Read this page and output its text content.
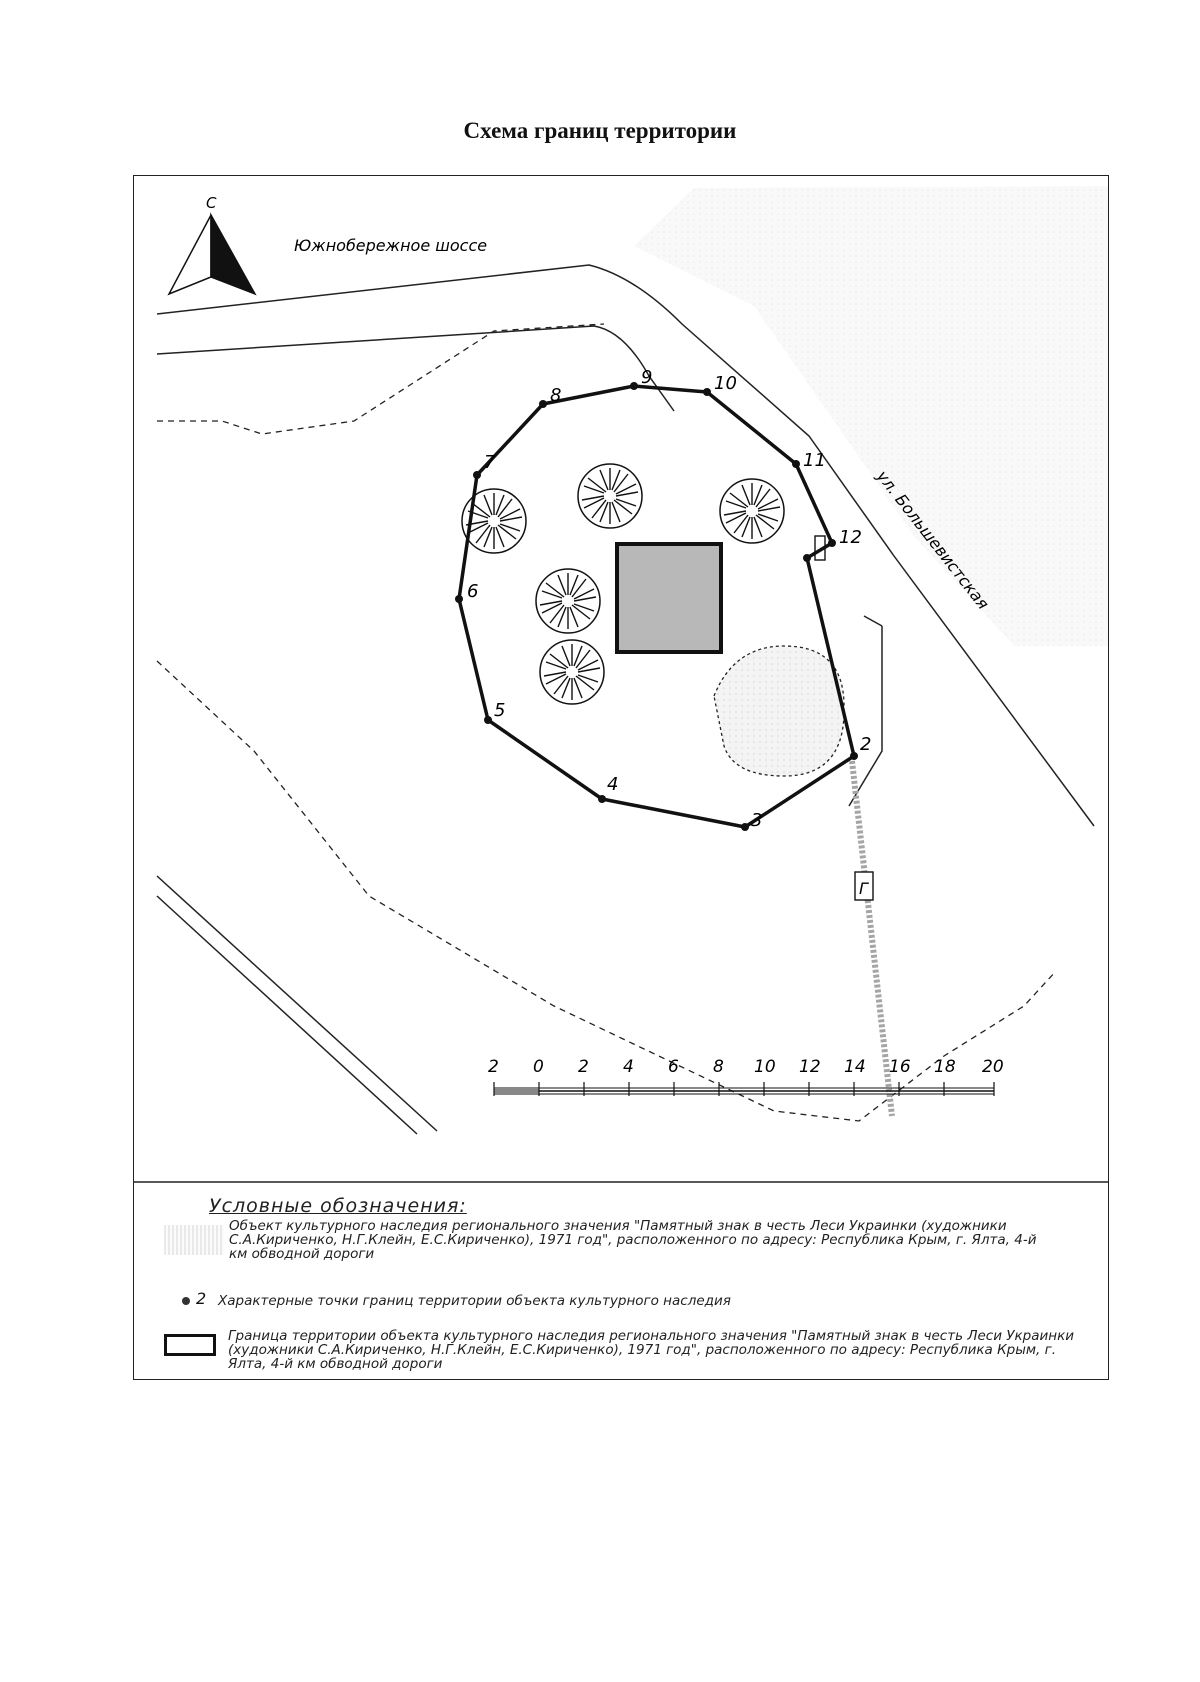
Схема границ территории
С
Южнобережное шоссе
ул. Большевистская
2
3
4
5
6
7
8
9	10
11
12
Г
2 0 2 4 6 8 10 12 14 16 18 20
Условные обозначения:
Объект культурного наследия регионального значения "Памятный знак в честь Леси Украинки (художники С.А.Кириченко, Н.Г.Клейн, Е.С.Кириченко), 1971 год", расположенного по адресу: Республика Крым, г. Ялта, 4-й км обводной дороги
2 Характерные точки границ территории объекта культурного наследия
Граница территории объекта культурного наследия регионального значения "Памятный знак в честь Леси Украинки (художники С.А.Кириченко, Н.Г.Клейн, Е.С.Кириченко), 1971 год", расположенного по адресу: Республика Крым, г. Ялта, 4-й км обводной дороги
